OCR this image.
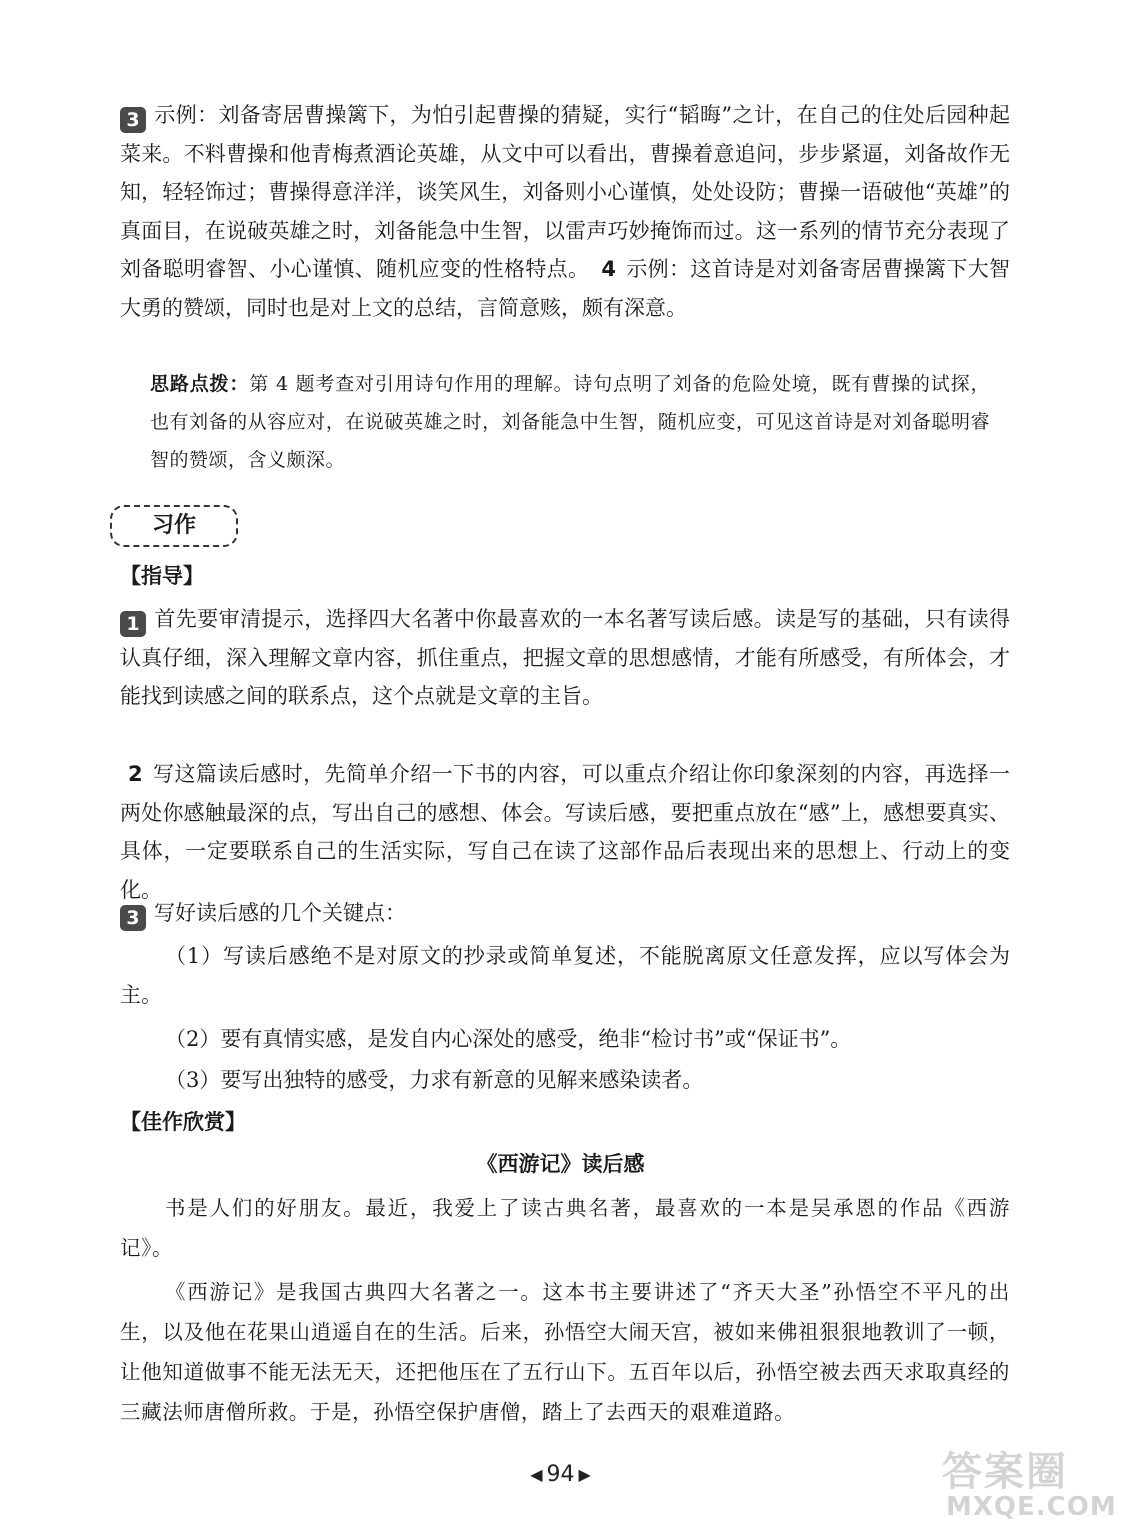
3 示例：刘备寄居曹操篱下，为怕引起曹操的猜疑，实行“韬晦”之计，在自己的住处后园种起菜来。不料曹操和他青梅煮酒论英雄，从文中可以看出，曹操着意追问，步步紧逼，刘备故作无知，轻轻饰过；曹操得意洋洋，谈笑风生，刘备则小心谨慎，处处设防；曹操一语破他“英雄”的真面目，在说破英雄之时，刘备能急中生智，以雷声巧妙掩饰而过。这一系列的情节充分表现了刘备聪明睿智、小心谨慎、随机应变的性格特点。 4 示例：这首诗是对刘备寄居曹操篱下大智大勇的赞颂，同时也是对上文的总结，言简意赅，颇有深意。

思路点拨：第 4 题考查对引用诗句作用的理解。诗句点明了刘备的危险处境，既有曹操的试探，也有刘备的从容应对，在说破英雄之时，刘备能急中生智，随机应变，可见这首诗是对刘备聪明睿智的赞颂，含义颇深。

习作
【指导】

1 首先要审清提示，选择四大名著中你最喜欢的一本名著写读后感。读是写的基础，只有读得认真仔细，深入理解文章内容，抓住重点，把握文章的思想感情，才能有所感受，有所体会，才能找到读感之间的联系点，这个点就是文章的主旨。

2 写这篇读后感时，先简单介绍一下书的内容，可以重点介绍让你印象深刻的内容，再选择一两处你感触最深的点，写出自己的感想、体会。写读后感，要把重点放在“感”上，感想要真实、具体，一定要联系自己的生活实际，写自己在读了这部作品后表现出来的思想上、行动上的变化。

3 写好读后感的几个关键点：

（1）写读后感绝不是对原文的抄录或简单复述，不能脱离原文任意发挥，应以写体会为主。

（2）要有真情实感，是发自内心深处的感受，绝非“检讨书”或“保证书”。

（3）要写出独特的感受，力求有新意的见解来感染读者。

【佳作欣赏】
《西游记》读后感

书是人们的好朋友。最近，我爱上了读古典名著，最喜欢的一本是吴承恩的作品《西游记》。

《西游记》是我国古典四大名著之一。这本书主要讲述了“齐天大圣”孙悟空不平凡的出生，以及他在花果山逍遥自在的生活。后来，孙悟空大闹天宫，被如来佛祖狠狠地教训了一顿，让他知道做事不能无法无天，还把他压在了五行山下。五百年以后，孙悟空被去西天求取真经的三藏法师唐僧所救。于是，孙悟空保护唐僧，踏上了去西天的艰难道路。

◀ 94 ▶	答案圈
MXQE.COM
